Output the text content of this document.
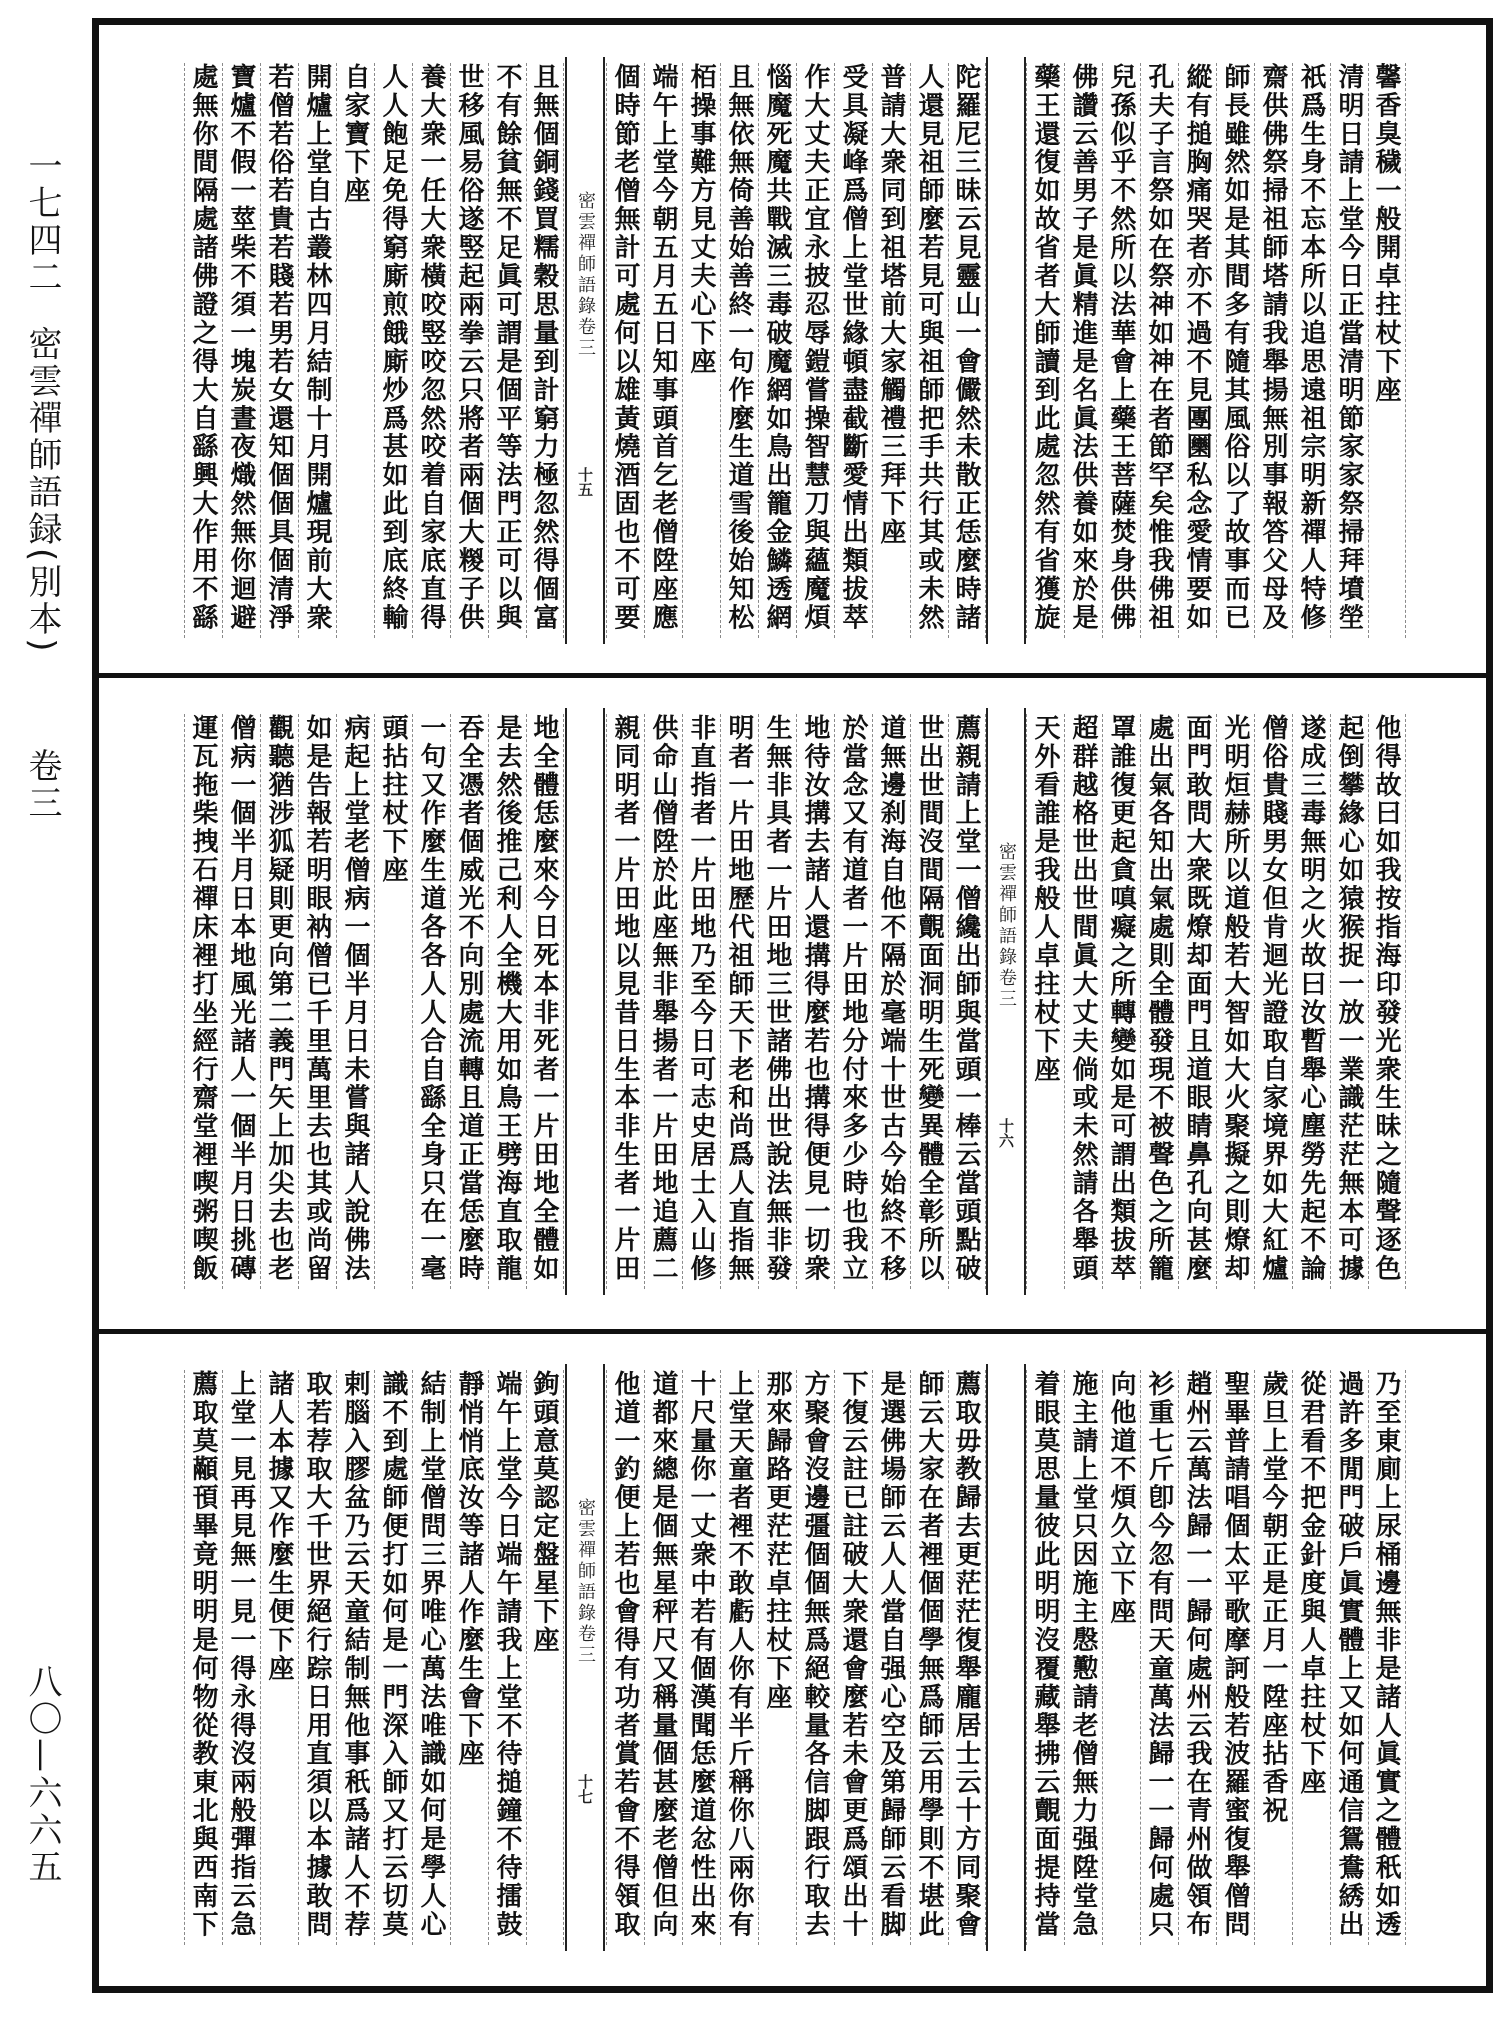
一七四二
密雲禪師語録(別本)
卷三
八〇—六六五
馨香臭穢一般開卓拄杖下座
清明日請上堂今日正當清明節家家祭掃拜墳塋
祇爲生身不忘本所以追思遠祖宗明新禪人特修
齋供佛祭掃祖師塔請我舉揚無別事報答父母及
師長雖然如是其間多有隨其風俗以了故事而已
縱有搥胸痛哭者亦不過不見團圞私念愛情要如
孔夫子言祭如在祭神如神在者節罕矣惟我佛祖
兒孫似乎不然所以法華會上藥王菩薩焚身供佛
佛讚云善男子是眞精進是名眞法供養如來於是
藥王還復如故省者大師讀到此處忽然有省獲旋
陀羅尼三昧云見靈山一會儼然未散正恁麼時諸
人還見祖師麼若見可與祖師把手共行其或未然
普請大衆同到祖塔前大家觸禮三拜下座
受具凝峰爲僧上堂世緣頓盡截斷愛情出類拔萃
作大丈夫正宜永披忍辱鎧嘗操智慧刀與蘊魔煩
惱魔死魔共戰滅三毒破魔網如鳥出籠金鱗透網
且無依無倚善始善終一句作麼生道雪後始知松
栢操事難方見丈夫心下座
端午上堂今朝五月五日知事頭首乞老僧陞座應
個時節老僧無計可處何以雄黃燒酒固也不可要
密雲禪師語錄卷三
十五
且無個銅錢買糯穀思量到計窮力極忽然得個富
不有餘貧無不足眞可謂是個平等法門正可以與
世移風易俗遂竪起兩拳云只將者兩個大糉子供
養大衆一任大衆橫咬竪咬忽然咬着自家底直得
人人飽足免得窮廝煎餓廝炒爲甚如此到底終輸
自家寶下座
開爐上堂自古叢林四月結制十月開爐現前大衆
若僧若俗若貴若賤若男若女還知個個具個清淨
寶爐不假一莖柴不須一塊炭晝夜熾然無你迴避
處無你間隔處諸佛證之得大自繇興大作用不繇
他得故曰如我按指海印發光衆生昧之隨聲逐色
起倒攀緣心如猿猴捉一放一業識茫茫無本可據
遂成三毒無明之火故曰汝暫舉心塵勞先起不論
僧俗貴賤男女但肯迴光證取自家境界如大紅爐
光明烜赫所以道般若大智如大火聚擬之則燎却
面門敢問大衆既燎却面門且道眼睛鼻孔向甚麼
處出氣各知出氣處則全體發現不被聲色之所籠
罩誰復更起貪嗔癡之所轉變如是可謂出類拔萃
超群越格世出世間眞大丈夫倘或未然請各舉頭
天外看誰是我般人卓拄杖下座
密雲禪師語錄卷三
十六
薦親請上堂一僧纔出師與當頭一棒云當頭點破
世出世間沒間隔覿面洞明生死變異體全彰所以
道無邊刹海自他不隔於毫端十世古今始終不移
於當念又有道者一片田地分付來多少時也我立
地待汝搆去諸人還搆得麼若也搆得便見一切衆
生無非具者一片田地三世諸佛出世說法無非發
明者一片田地歷代祖師天下老和尚爲人直指無
非直指者一片田地乃至今日可志史居士入山修
供命山僧陞於此座無非舉揚者一片田地追薦二
親同明者一片田地以見昔日生本非生者一片田
地全體恁麼來今日死本非死者一片田地全體如
是去然後推己利人全機大用如鳥王劈海直取龍
吞全憑者個威光不向別處流轉且道正當恁麼時
一句又作麼生道各各人人合自繇全身只在一毫
頭拈拄杖下座
病起上堂老僧病一個半月日未嘗與諸人說佛法
如是告報若明眼衲僧已千里萬里去也其或尚留
觀聽猶涉狐疑則更向第二義門矢上加尖去也老
僧病一個半月日本地風光諸人一個半月日挑磚
運瓦拖柴拽石禪床裡打坐經行齋堂裡喫粥喫飯
乃至東廁上尿桶邊無非是諸人眞實之體秖如透
過許多閒門破戶眞實體上又如何通信鴛鴦綉出
從君看不把金針度與人卓拄杖下座
歲旦上堂今朝正是正月一陞座拈香祝
聖畢普請唱個太平歌摩訶般若波羅蜜復舉僧問
趙州云萬法歸一一歸何處州云我在青州做領布
衫重七斤卽今忽有問天童萬法歸一一歸何處只
向他道不煩久立下座
施主請上堂只因施主慇懃請老僧無力强陞堂急
着眼莫思量彼此明明沒覆藏舉拂云覿面提持當
薦取毋教歸去更茫茫復舉龐居士云十方同聚會
師云大家在者裡個個學無爲師云用學則不堪此
是選佛場師云人人當自强心空及第歸師云看脚
下復云註已註破大衆還會麼若未會更爲頌出十
方聚會沒邊彊個個無爲絕較量各信脚跟行取去
那來歸路更茫茫卓拄杖下座
上堂天童者裡不敢虧人你有半斤稱你八兩你有
十尺量你一丈衆中若有個漢聞恁麼道忿性出來
道都來總是個無星秤尺又稱量個甚麼老僧但向
他道一釣便上若也會得有功者賞若會不得領取
密雲禪師語錄卷三
十七
鉤頭意莫認定盤星下座
端午上堂今日端午請我上堂不待搥鐘不待擂鼓
靜悄悄底汝等諸人作麼生會下座
結制上堂僧問三界唯心萬法唯識如何是學人心
識不到處師便打如何是一門深入師又打云切莫
剌腦入膠盆乃云天童結制無他事秖爲諸人不荐
取若荐取大千世界絕行踪日用直須以本據敢問
諸人本據又作麼生便下座
上堂一見再見無一見一得永得沒兩般彈指云急
薦取莫顢頇畢竟明明是何物從教東北與西南下
